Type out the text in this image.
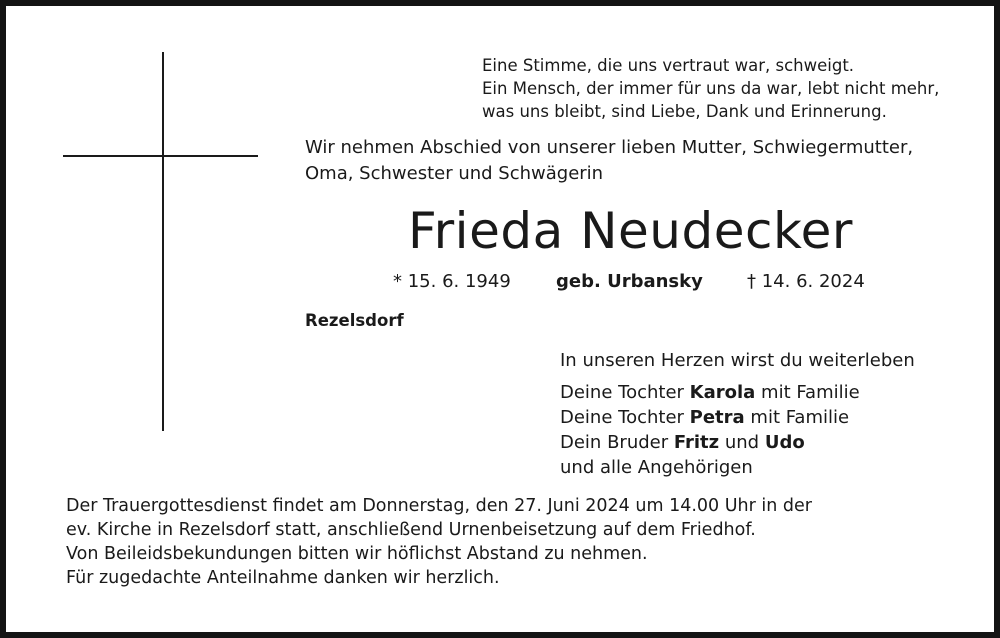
Eine Stimme, die uns vertraut war, schweigt.
Ein Mensch, der immer für uns da war, lebt nicht mehr,
was uns bleibt, sind Liebe, Dank und Erinnerung.
Wir nehmen Abschied von unserer lieben Mutter, Schwiegermutter,
Oma, Schwester und Schwägerin
Frieda Neudecker
* 15. 6. 1949	geb. Urbansky † 14. 6. 2024
Rezelsdorf
In unseren Herzen wirst du weiterleben
Deine Tochter Karola mit Familie
Deine Tochter Petra mit Familie
Dein Bruder Fritz und Udo
und alle Angehörigen
Der Trauergottesdienst findet am Donnerstag, den 27. Juni 2024 um 14.00 Uhr in der
ev. Kirche in Rezelsdorf statt, anschließend Urnenbeisetzung auf dem Friedhof.
Von Beileidsbekundungen bitten wir höflichst Abstand zu nehmen.
Für zugedachte Anteilnahme danken wir herzlich.
